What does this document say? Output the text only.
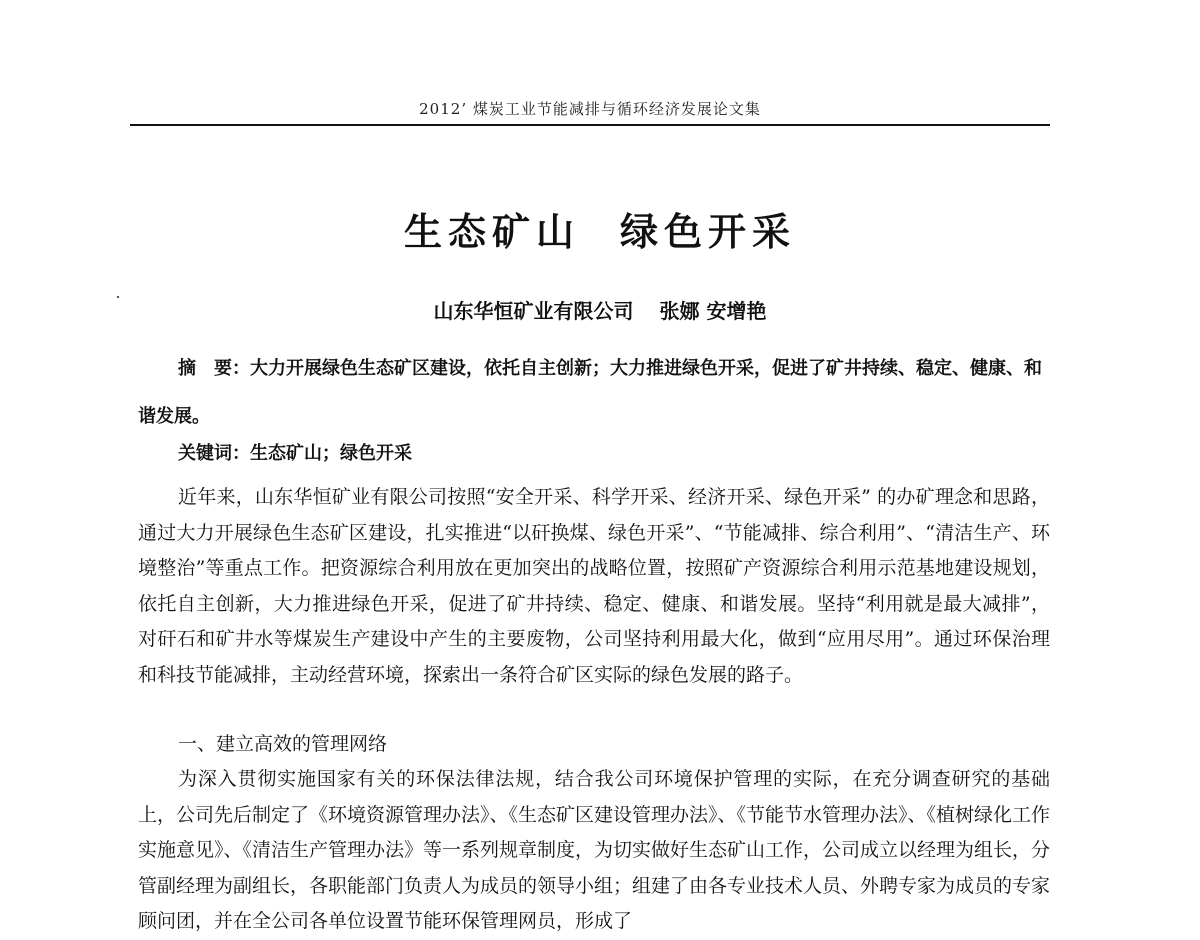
2012’ 煤炭工业节能减排与循环经济发展论文集
生态矿山 绿色开采
山东华恒矿业有限公司 张娜 安增艳

摘　要：大力开展绿色生态矿区建设，依托自主创新；大力推进绿色开采，促进了矿井持续、稳定、健康、和谐发展。

关键词：生态矿山；绿色开采

近年来，山东华恒矿业有限公司按照“安全开采、科学开采、经济开采、绿色开采” 的办矿理念和思路，通过大力开展绿色生态矿区建设，扎实推进“以矸换煤、绿色开采”、“节能减排、综合利用”、“清洁生产、环境整治”等重点工作。把资源综合利用放在更加突出的战略位置，按照矿产资源综合利用示范基地建设规划，依托自主创新，大力推进绿色开采，促进了矿井持续、稳定、健康、和谐发展。坚持“利用就是最大减排”，对矸石和矿井水等煤炭生产建设中产生的主要废物，公司坚持利用最大化，做到“应用尽用”。通过环保治理和科技节能减排，主动经营环境，探索出一条符合矿区实际的绿色发展的路子。

一、建立高效的管理网络

为深入贯彻实施国家有关的环保法律法规，结合我公司环境保护管理的实际，在充分调查研究的基础上，公司先后制定了《环境资源管理办法》、《生态矿区建设管理办法》、《节能节水管理办法》、《植树绿化工作实施意见》、《清洁生产管理办法》等一系列规章制度，为切实做好生态矿山工作，公司成立以经理为组长，分管副经理为副组长，各职能部门负责人为成员的领导小组；组建了由各专业技术人员、外聘专家为成员的专家顾问团，并在全公司各单位设置节能环保管理网员，形成了
